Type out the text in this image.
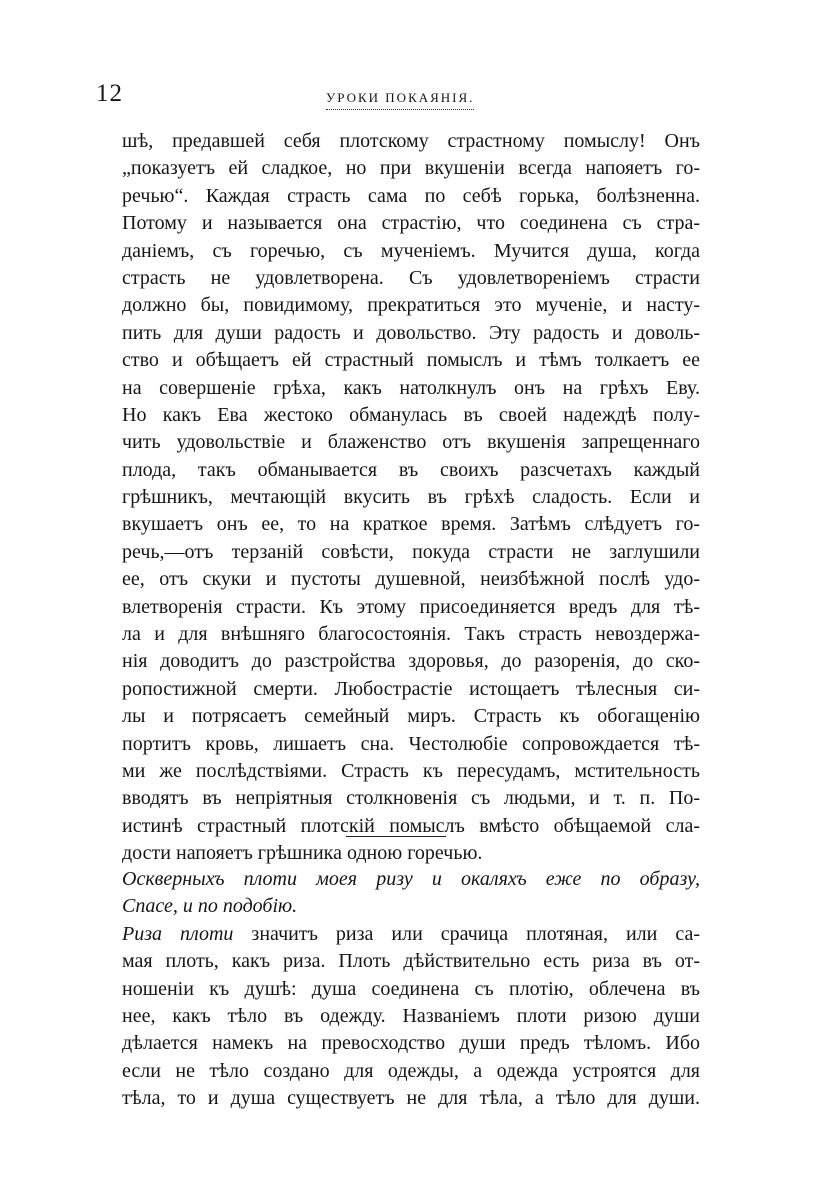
12	УРОКИ ПОКАЯНІЯ.
шѣ, предавшей себя плотскому страстному помыслу! Онъ
„показуетъ ей сладкое, но при вкушеніи всегда напояетъ го-
речью“. Каждая страсть сама по себѣ горька, болѣзненна.
Потому и называется она страстію, что соединена съ стра-
даніемъ, съ горечью, съ мученіемъ. Мучится душа, когда
страсть не удовлетворена. Съ удовлетвореніемъ страсти
должно бы, повидимому, прекратиться это мученіе, и насту-
пить для души радость и довольство. Эту радость и доволь-
ство и обѣщаетъ ей страстный помыслъ и тѣмъ толкаетъ ее
на совершеніе грѣха, какъ натолкнулъ онъ на грѣхъ Еву.
Но какъ Ева жестоко обманулась въ своей надеждѣ полу-
чить удовольствіе и блаженство отъ вкушенія запрещеннаго
плода, такъ обманывается въ своихъ разсчетахъ каждый
грѣшникъ, мечтающій вкусить въ грѣхѣ сладость. Если и
вкушаетъ онъ ее, то на краткое время. Затѣмъ слѣдуетъ го-
речь,—отъ терзаній совѣсти, покуда страсти не заглушили
ее, отъ скуки и пустоты душевной, неизбѣжной послѣ удо-
влетворенія страсти. Къ этому присоединяется вредъ для тѣ-
ла и для внѣшняго благосостоянія. Такъ страсть невоздержа-
нія доводитъ до разстройства здоровья, до разоренія, до ско-
ропостижной смерти. Любострастіе истощаетъ тѣлесныя си-
лы и потрясаетъ семейный миръ. Страсть къ обогащенію
портитъ кровь, лишаетъ сна. Честолюбіе сопровождается тѣ-
ми же послѣдствіями. Страсть къ пересудамъ, мстительность
вводятъ въ непріятныя столкновенія съ людьми, и т. п. По-
истинѣ страстный плотскій помыслъ вмѣсто обѣщаемой сла-
дости напояетъ грѣшника одною горечью.
Оскверныхъ плоти моея ризу и окаляхъ еже по образу,
Спасе, и по подобію.
Риза плоти значитъ риза или срачица плотяная, или са-
мая плоть, какъ риза. Плоть дѣйствительно есть риза въ от-
ношеніи къ душѣ: душа соединена съ плотію, облечена въ
нее, какъ тѣло въ одежду. Названіемъ плоти ризою души
дѣлается намекъ на превосходство души предъ тѣломъ. Ибо
если не тѣло создано для одежды, а одежда устроятся для
тѣла, то и душа существуетъ не для тѣла, а тѣло для души.
